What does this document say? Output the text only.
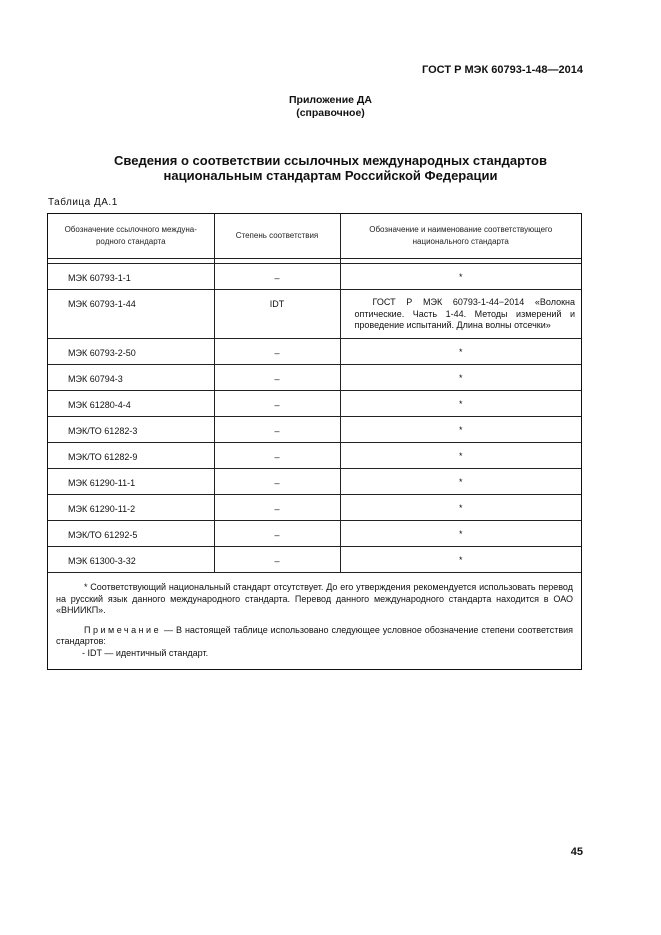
ГОСТ Р МЭК 60793-1-48—2014
Приложение ДА
(справочное)
Сведения о соответствии ссылочных международных стандартов
национальным стандартам Российской Федерации
Таблица ДА.1
Обозначение ссылочного междуна-родного стандарта	Степень соответствия	Обозначение и наименование соответствующего национального стандарта

МЭК 60793-1-1	–	*
МЭК 60793-1-44	IDT	ГОСТ Р МЭК 60793-1-44−2014 «Волокна оптические. Часть 1-44. Методы измерений и проведение испытаний. Длина волны отсечки»
МЭК 60793-2-50	–	*
МЭК 60794-3	–	*
МЭК 61280-4-4	–	*
МЭК/ТО 61282-3	–	*
МЭК/ТО 61282-9	–	*
МЭК 61290-11-1	–	*
МЭК 61290-11-2	–	*
МЭК/ТО 61292-5	–	*
МЭК 61300-3-32	–	*

* Соответствующий национальный стандарт отсутствует. До его утверждения рекомендуется использовать перевод на русский язык данного международного стандарта. Перевод данного международного стандарта находится в ОАО «ВНИИКП».

Примечание — В настоящей таблице использовано следующее условное обозначение степени соответствия стандартов:

- IDT — идентичный стандарт.

45
